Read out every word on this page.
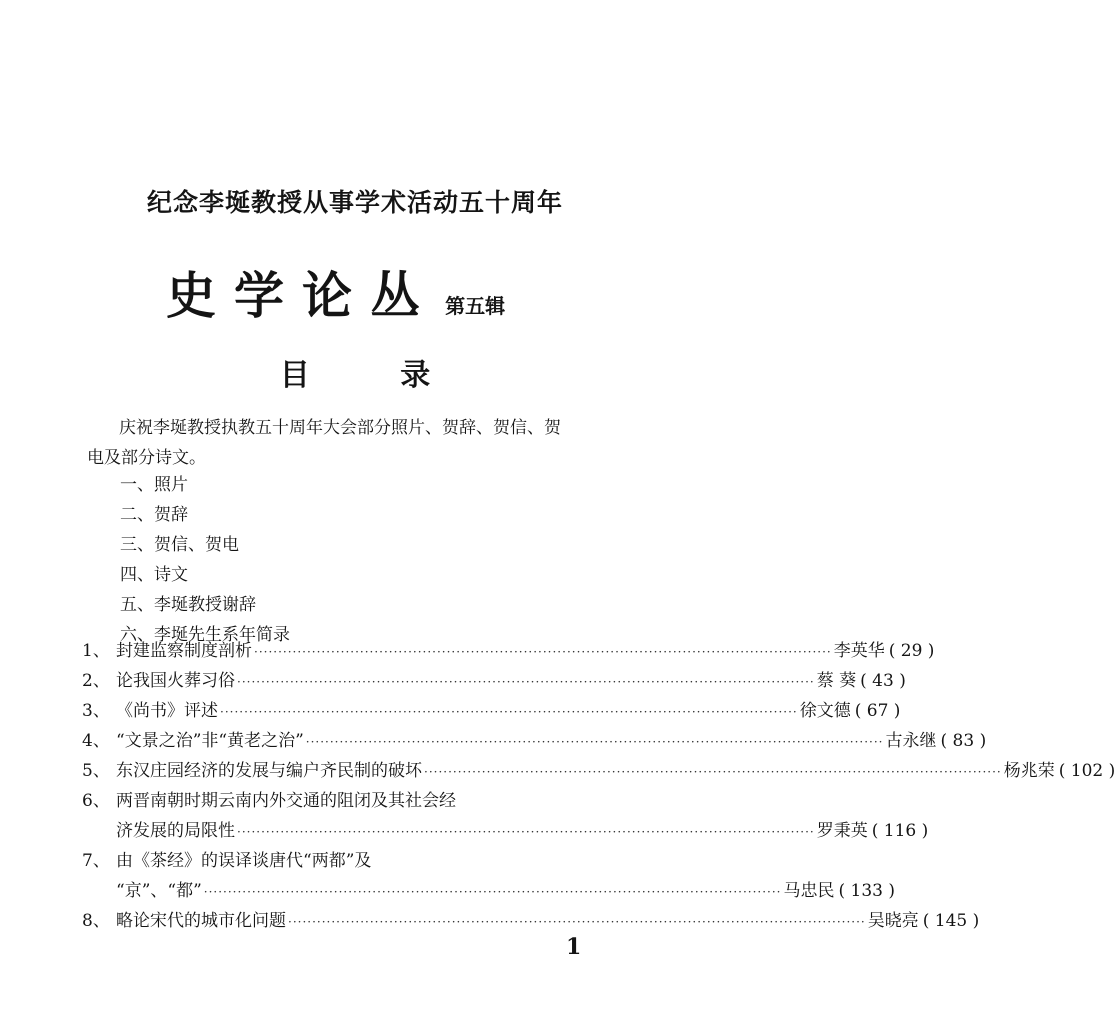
纪念李埏教授从事学术活动五十周年
史学论丛 第五辑
目 录
庆祝李埏教授执教五十周年大会部分照片、贺辞、贺信、贺
电及部分诗文。
一、照片
二、贺辞
三、贺信、贺电
四、诗文
五、李埏教授谢辞
六、李埏先生系年简录
1、 封建监察制度剖析 ························································································································ 李英华 ( 29 )
2、 论我国火葬习俗 ························································································································ 蔡 葵 ( 43 )
3、 《尚书》评述 ························································································································ 徐文德 ( 67 )
4、 “文景之治”非“黄老之治” ························································································································ 古永继 ( 83 )
5、 东汉庄园经济的发展与编户齐民制的破坏 ························································································································ 杨兆荣 ( 102 )
6、 两晋南朝时期云南内外交通的阻闭及其社会经
济发展的局限性 ························································································································ 罗秉英 ( 116 )
7、 由《茶经》的误译谈唐代“两都”及
“京”、“都” ························································································································ 马忠民 ( 133 )
8、 略论宋代的城市化问题 ························································································································ 吴晓亮 ( 145 )
1
